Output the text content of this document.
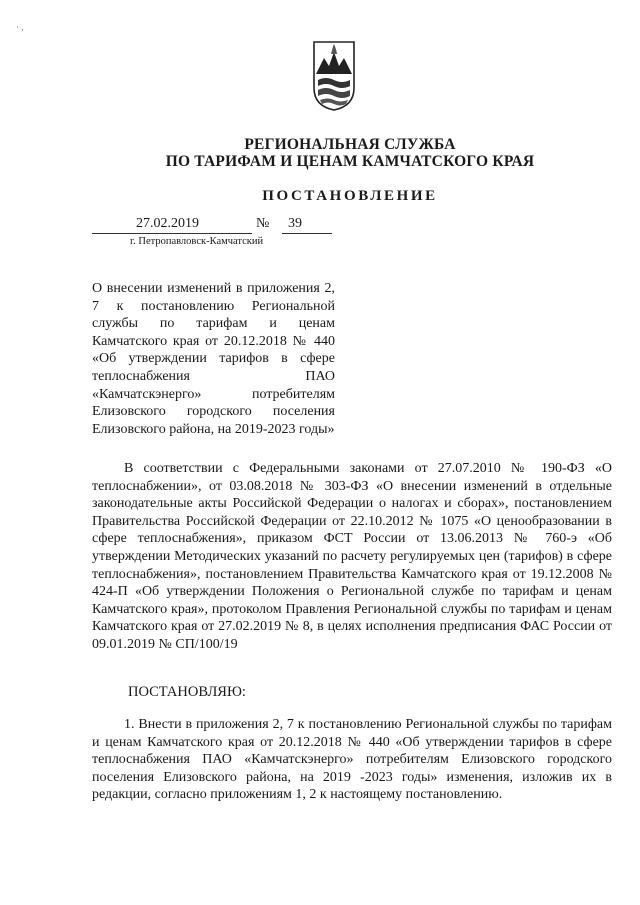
· ,
РЕГИОНАЛЬНАЯ СЛУЖБА
ПО ТАРИФАМ И ЦЕНАМ КАМЧАТСКОГО КРАЯ
ПОСТАНОВЛЕНИЕ
27.02.2019	№ 39
г. Петропавловск-Камчатский

О внесении изменений в приложения 2, 7 к постановлению Региональной службы по тарифам и ценам Камчатского края от 20.12.2018 № 440 «Об утверждении тарифов в сфере теплоснабжения ПАО «Камчатскэнерго» потребителям Елизовского городского поселения Елизовского района, на 2019-2023 годы»

В соответствии с Федеральными законами от 27.07.2010 № 190-ФЗ «О теплоснабжении», от 03.08.2018 № 303-ФЗ «О внесении изменений в отдельные законодательные акты Российской Федерации о налогах и сборах», постановлением Правительства Российской Федерации от 22.10.2012 № 1075 «О ценообразовании в сфере теплоснабжения», приказом ФСТ России от 13.06.2013 № 760-э «Об утверждении Методических указаний по расчету регулируемых цен (тарифов) в сфере теплоснабжения», постановлением Правительства Камчатского края от 19.12.2008 № 424-П «Об утверждении Положения о Региональной службе по тарифам и ценам Камчатского края», протоколом Правления Региональной службы по тарифам и ценам Камчатского края от 27.02.2019 № 8, в целях исполнения предписания ФАС России от 09.01.2019 № СП/100/19

ПОСТАНОВЛЯЮ:

1. Внести в приложения 2, 7 к постановлению Региональной службы по тарифам и ценам Камчатского края от 20.12.2018 № 440 «Об утверждении тарифов в сфере теплоснабжения ПАО «Камчатскэнерго» потребителям Елизовского городского поселения Елизовского района, на 2019 -2023 годы» изменения, изложив их в редакции, согласно приложениям 1, 2 к настоящему постановлению.
